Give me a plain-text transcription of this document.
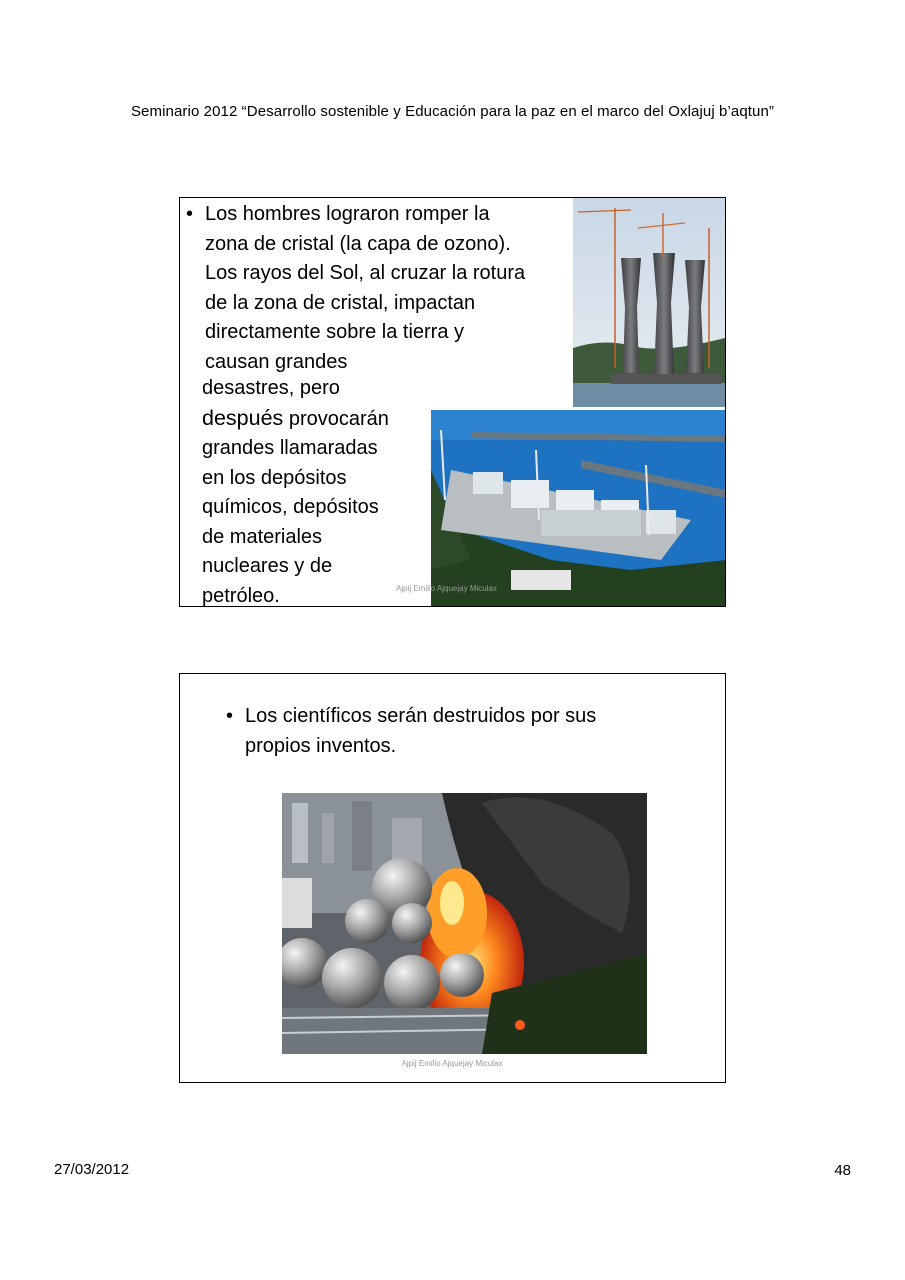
Seminario 2012 “Desarrollo sostenible y Educación para la paz en el marco del Oxlajuj b’aqtun”
• Los hombres lograron romper la
zona de cristal (la capa de ozono).
Los rayos del Sol, al cruzar la rotura
de la zona de cristal, impactan
directamente sobre la tierra y
causan grandes
desastres, pero
después provocarán
grandes llamaradas
en los depósitos
químicos, depósitos
de materiales
nucleares y de
petróleo.	Ajpij Emilio Ajquejay Miculax
• Los científicos serán destruidos por sus
propios inventos.
Ajpij Emilio Ajquejay Miculax
27/03/2012	48
